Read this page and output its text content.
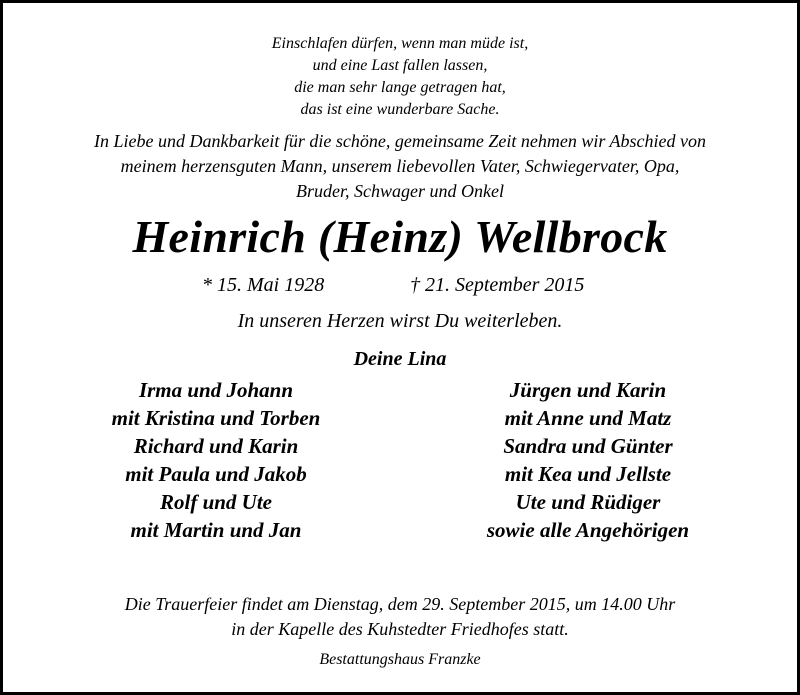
Einschlafen dürfen, wenn man müde ist,
und eine Last fallen lassen,
die man sehr lange getragen hat,
das ist eine wunderbare Sache.
In Liebe und Dankbarkeit für die schöne, gemeinsame Zeit nehmen wir Abschied von
meinem herzensguten Mann, unserem liebevollen Vater, Schwiegervater, Opa,
Bruder, Schwager und Onkel
Heinrich (Heinz) Wellbrock
* 15. Mai 1928	† 21. September 2015
In unseren Herzen wirst Du weiterleben.
Deine Lina
Irma und Johann
mit Kristina und Torben
Richard und Karin
mit Paula und Jakob
Rolf und Ute
mit Martin und Jan
Jürgen und Karin
mit Anne und Matz
Sandra und Günter
mit Kea und Jellste
Ute und Rüdiger
sowie alle Angehörigen
Die Trauerfeier findet am Dienstag, dem 29. September 2015, um 14.00 Uhr
in der Kapelle des Kuhstedter Friedhofes statt.
Bestattungshaus Franzke
